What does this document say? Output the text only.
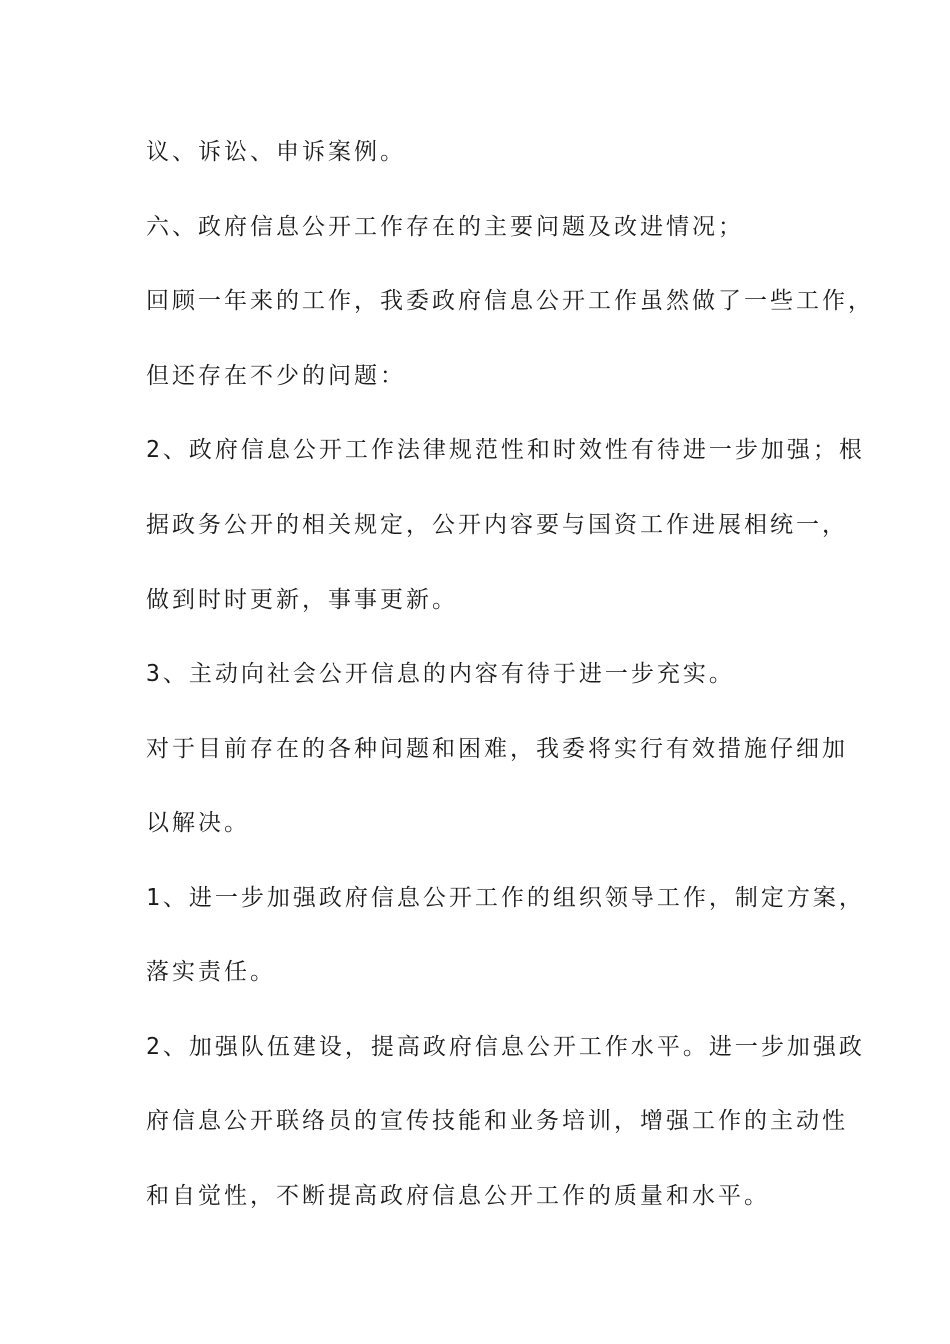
议、诉讼、申诉案例。
六、政府信息公开工作存在的主要问题及改进情况；
回顾一年来的工作，我委政府信息公开工作虽然做了一些工作，
但还存在不少的问题：
2、政府信息公开工作法律规范性和时效性有待进一步加强；根
据政务公开的相关规定，公开内容要与国资工作进展相统一，
做到时时更新，事事更新。
3、主动向社会公开信息的内容有待于进一步充实。
对于目前存在的各种问题和困难，我委将实行有效措施仔细加
以解决。
1、进一步加强政府信息公开工作的组织领导工作，制定方案，
落实责任。
2、加强队伍建设，提高政府信息公开工作水平。进一步加强政
府信息公开联络员的宣传技能和业务培训，增强工作的主动性
和自觉性，不断提高政府信息公开工作的质量和水平。
